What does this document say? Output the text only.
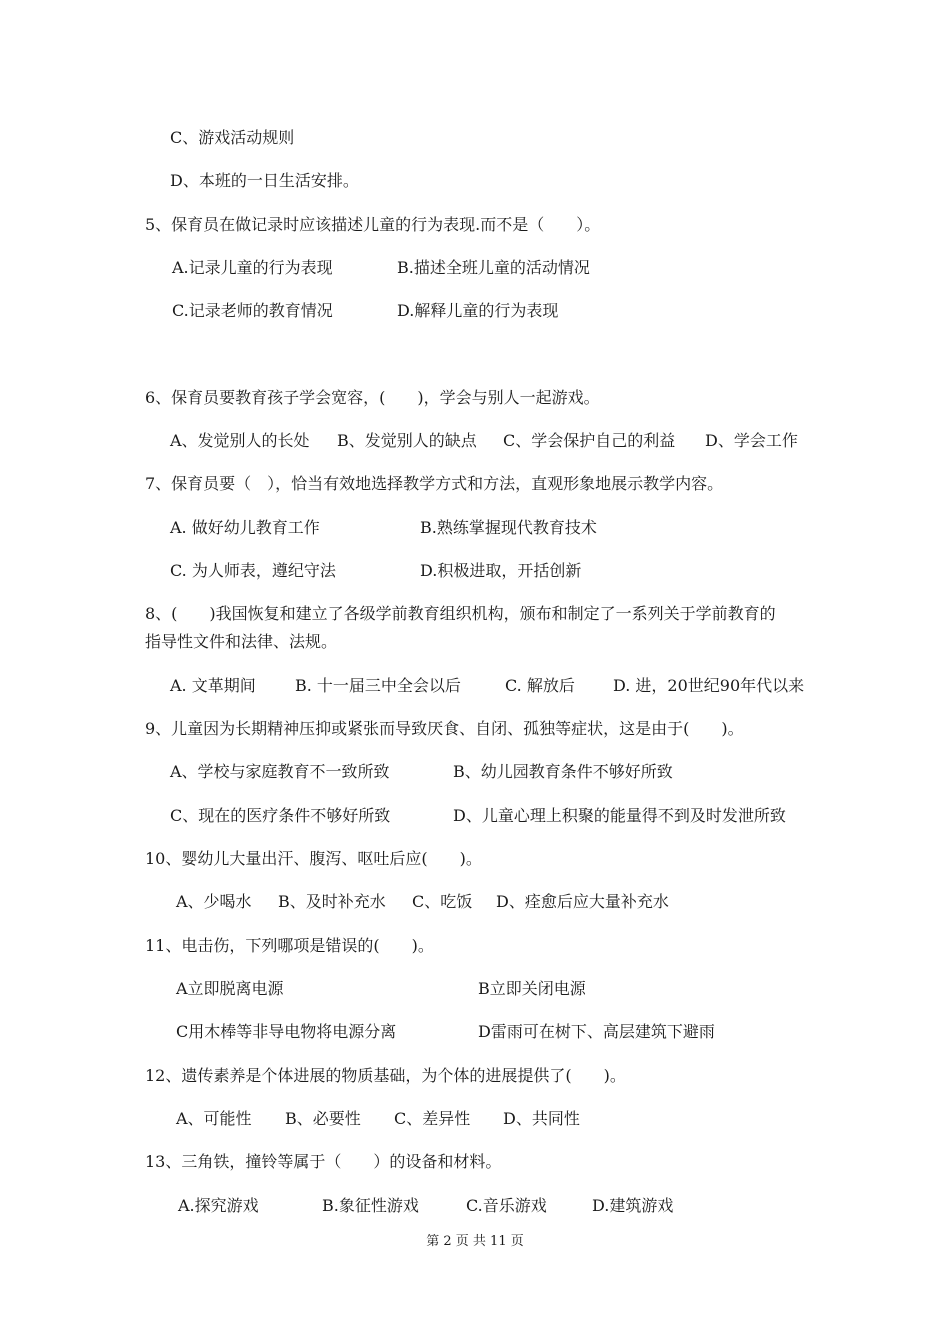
C、游戏活动规则
D、本班的一日生活安排。
5、保育员在做记录时应该描述儿童的行为表现.而不是（　　）。
A.记录儿童的行为表现	B.描述全班儿童的活动情况
C.记录老师的教育情况	D.解释儿童的行为表现
6、保育员要教育孩子学会宽容，(　　)，学会与别人一起游戏。
A、发觉别人的长处 B、发觉别人的缺点 C、学会保护自己的利益 D、学会工作
7、保育员要（　），恰当有效地选择教学方式和方法，直观形象地展示教学内容。
A. 做好幼儿教育工作	B.熟练掌握现代教育技术
C. 为人师表，遵纪守法	D.积极进取，开括创新
8、(　　)我国恢复和建立了各级学前教育组织机构，颁布和制定了一系列关于学前教育的
指导性文件和法律、法规。
A. 文革期间 B. 十一届三中全会以后	C. 解放后 D. 进，20世纪90年代以来
9、儿童因为长期精神压抑或紧张而导致厌食、自闭、孤独等症状，这是由于(　　)。
A、学校与家庭教育不一致所致	B、幼儿园教育条件不够好所致
C、现在的医疗条件不够好所致	D、儿童心理上积聚的能量得不到及时发泄所致
10、婴幼儿大量出汗、腹泻、呕吐后应(　　)。
A、少喝水 B、及时补充水 C、吃饭 D、痊愈后应大量补充水
11、电击伤，下列哪项是错误的(　　)。
A立即脱离电源	B立即关闭电源
C用木棒等非导电物将电源分离	D雷雨可在树下、高层建筑下避雨
12、遗传素养是个体进展的物质基础，为个体的进展提供了(　　)。
A、可能性 B、必要性 C、差异性 D、共同性
13、三角铁，撞铃等属于（　　）的设备和材料。
A.探究游戏	B.象征性游戏	C.音乐游戏	D.建筑游戏
第 2 页 共 11 页
